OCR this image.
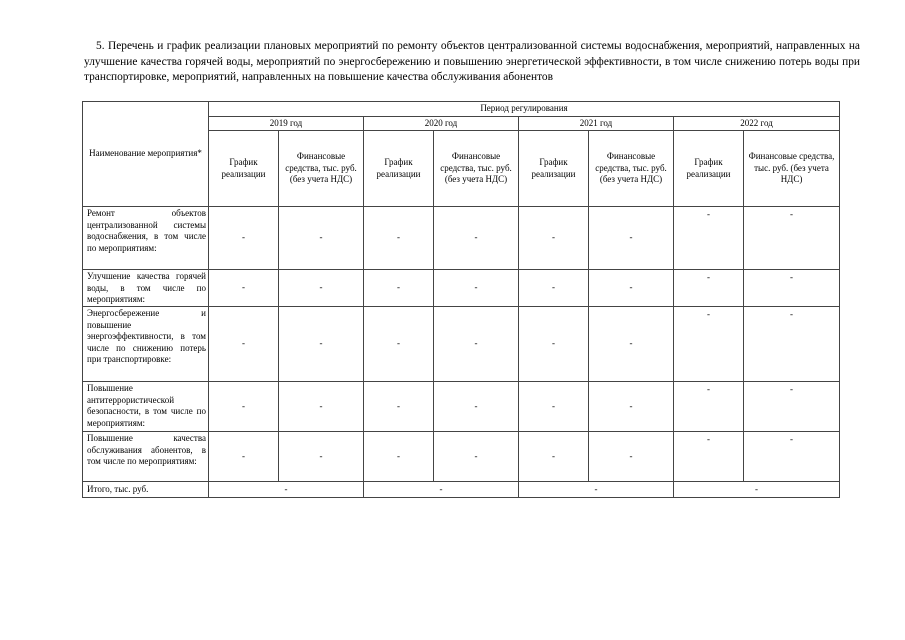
5. Перечень и график реализации плановых мероприятий по ремонту объектов централизованной системы водоснабжения, мероприятий, направленных на улучшение качества горячей воды, мероприятий по энергосбережению и повышению энергетической эффективности, в том числе снижению потерь воды при транспортировке, мероприятий, направленных на повышение качества обслуживания абонентов
Наименование мероприятия*	Период регулирования							
	2019 год		2020 год		2021 год		2022 год	
	График реализации	Финансовые средства, тыс. руб. (без учета НДС)	График реализации	Финансовые средства, тыс. руб. (без учета НДС)	График реализации	Финансовые средства, тыс. руб. (без учета НДС)	График реализации	Финансовые средства, тыс. руб. (без учета НДС)
Ремонт объектов централизованной системы водоснабжения, в том числе по мероприятиям:	-	-	-	-	-	-	-	-
Улучшение качества горячей воды, в том числе по мероприятиям:	-	-	-	-	-	-	-	-
Энергосбережение и повышение энергоэффективности, в том числе по снижению потерь при транспортировке:	-	-	-	-	-	-	-	-
Повышение антитеррористической безопасности, в том числе по мероприятиям:	-	-	-	-	-	-	-	-
Повышение качества обслуживания абонентов, в том числе по мероприятиям:	-	-	-	-	-	-	-	-
Итого, тыс. руб.	-		-		-		-	
